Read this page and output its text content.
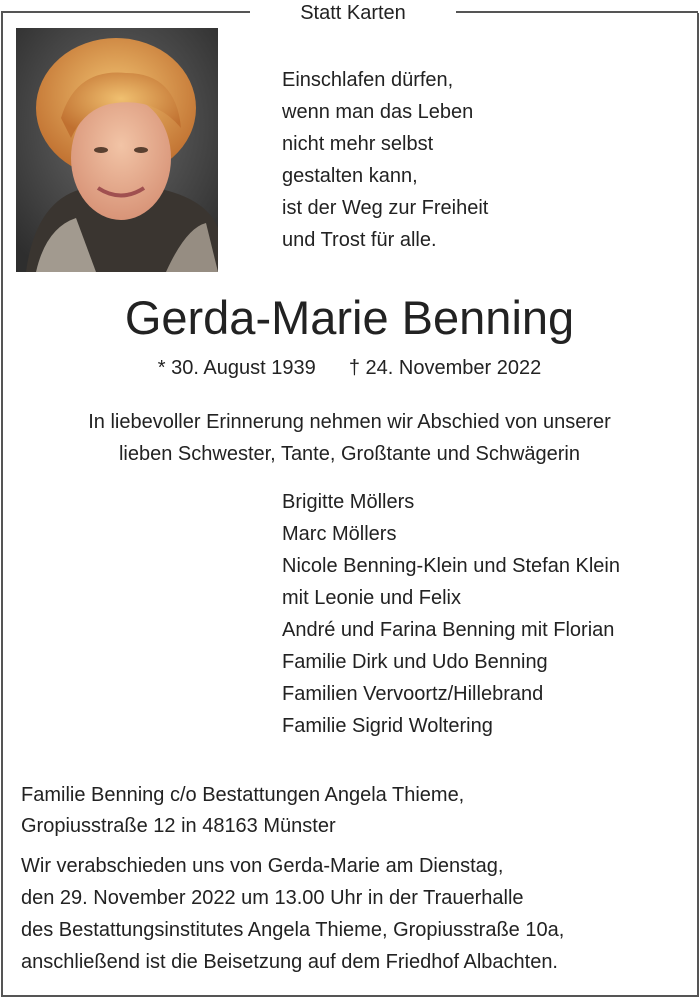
Statt Karten
Einschlafen dürfen,
wenn man das Leben
nicht mehr selbst
gestalten kann,
ist der Weg zur Freiheit
und Trost für alle.
Gerda-Marie Benning
* 30. August 1939 † 24. November 2022
In liebevoller Erinnerung nehmen wir Abschied von unserer
lieben Schwester, Tante, Großtante und Schwägerin
Brigitte Möllers
Marc Möllers
Nicole Benning-Klein und Stefan Klein
mit Leonie und Felix
André und Farina Benning mit Florian
Familie Dirk und Udo Benning
Familien Vervoortz/Hillebrand
Familie Sigrid Woltering
Familie Benning c/o Bestattungen Angela Thieme,
Gropiusstraße 12 in 48163 Münster
Wir verabschieden uns von Gerda-Marie am Dienstag,
den 29. November 2022 um 13.00 Uhr in der Trauerhalle
des Bestattungsinstitutes Angela Thieme, Gropiusstraße 10a,
anschließend ist die Beisetzung auf dem Friedhof Albachten.
